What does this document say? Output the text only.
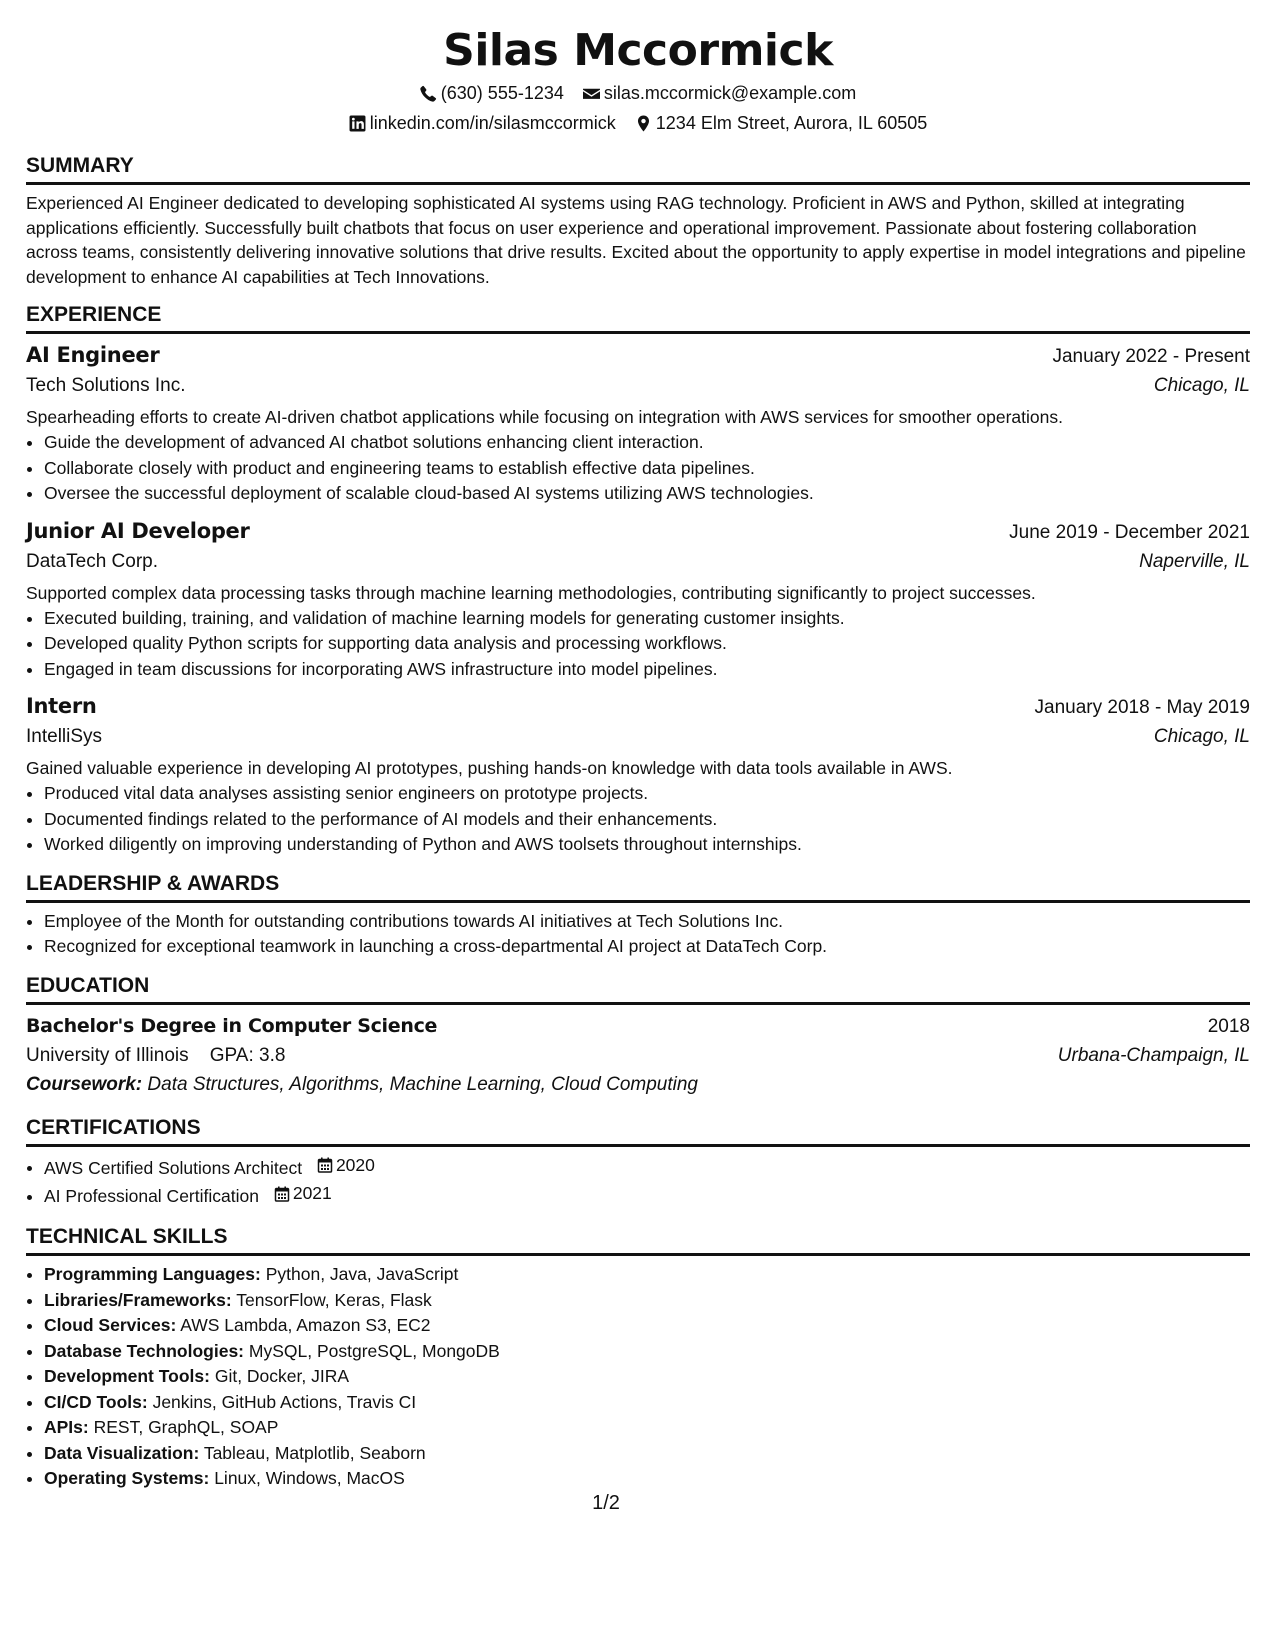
Silas Mccormick
(630) 555-1234
silas.mccormick@example.com
linkedin.com/in/silasmccormick
1234 Elm Street, Aurora, IL 60505
SUMMARY

Experienced AI Engineer dedicated to developing sophisticated AI systems using RAG technology. Proficient in AWS and Python, skilled at integrating applications efficiently. Successfully built chatbots that focus on user experience and operational improvement. Passionate about fostering collaboration across teams, consistently delivering innovative solutions that drive results. Excited about the opportunity to apply expertise in model integrations and pipeline development to enhance AI capabilities at Tech Innovations.

EXPERIENCE
AI Engineer	January 2022 - Present
Tech Solutions Inc.	Chicago, IL
Spearheading efforts to create AI-driven chatbot applications while focusing on integration with AWS services for smoother operations.
• Guide the development of advanced AI chatbot solutions enhancing client interaction.
• Collaborate closely with product and engineering teams to establish effective data pipelines.
• Oversee the successful deployment of scalable cloud-based AI systems utilizing AWS technologies.
Junior AI Developer	June 2019 - December 2021
DataTech Corp.	Naperville, IL
Supported complex data processing tasks through machine learning methodologies, contributing significantly to project successes.
• Executed building, training, and validation of machine learning models for generating customer insights.
• Developed quality Python scripts for supporting data analysis and processing workflows.
• Engaged in team discussions for incorporating AWS infrastructure into model pipelines.
Intern	January 2018 - May 2019
IntelliSys	Chicago, IL
Gained valuable experience in developing AI prototypes, pushing hands-on knowledge with data tools available in AWS.
• Produced vital data analyses assisting senior engineers on prototype projects.
• Documented findings related to the performance of AI models and their enhancements.
• Worked diligently on improving understanding of Python and AWS toolsets throughout internships.
LEADERSHIP & AWARDS
• Employee of the Month for outstanding contributions towards AI initiatives at Tech Solutions Inc.
• Recognized for exceptional teamwork in launching a cross-departmental AI project at DataTech Corp.
EDUCATION
Bachelor's Degree in Computer Science	2018
University of Illinois GPA: 3.8	Urbana-Champaign, IL
Coursework: Data Structures, Algorithms, Machine Learning, Cloud Computing
CERTIFICATIONS
• AWS Certified Solutions Architect 2020
• AI Professional Certification 2021
TECHNICAL SKILLS
• Programming Languages: Python, Java, JavaScript
• Libraries/Frameworks: TensorFlow, Keras, Flask
• Cloud Services: AWS Lambda, Amazon S3, EC2
• Database Technologies: MySQL, PostgreSQL, MongoDB
• Development Tools: Git, Docker, JIRA
• CI/CD Tools: Jenkins, GitHub Actions, Travis CI
• APIs: REST, GraphQL, SOAP
• Data Visualization: Tableau, Matplotlib, Seaborn
• Operating Systems: Linux, Windows, MacOS
1/2
